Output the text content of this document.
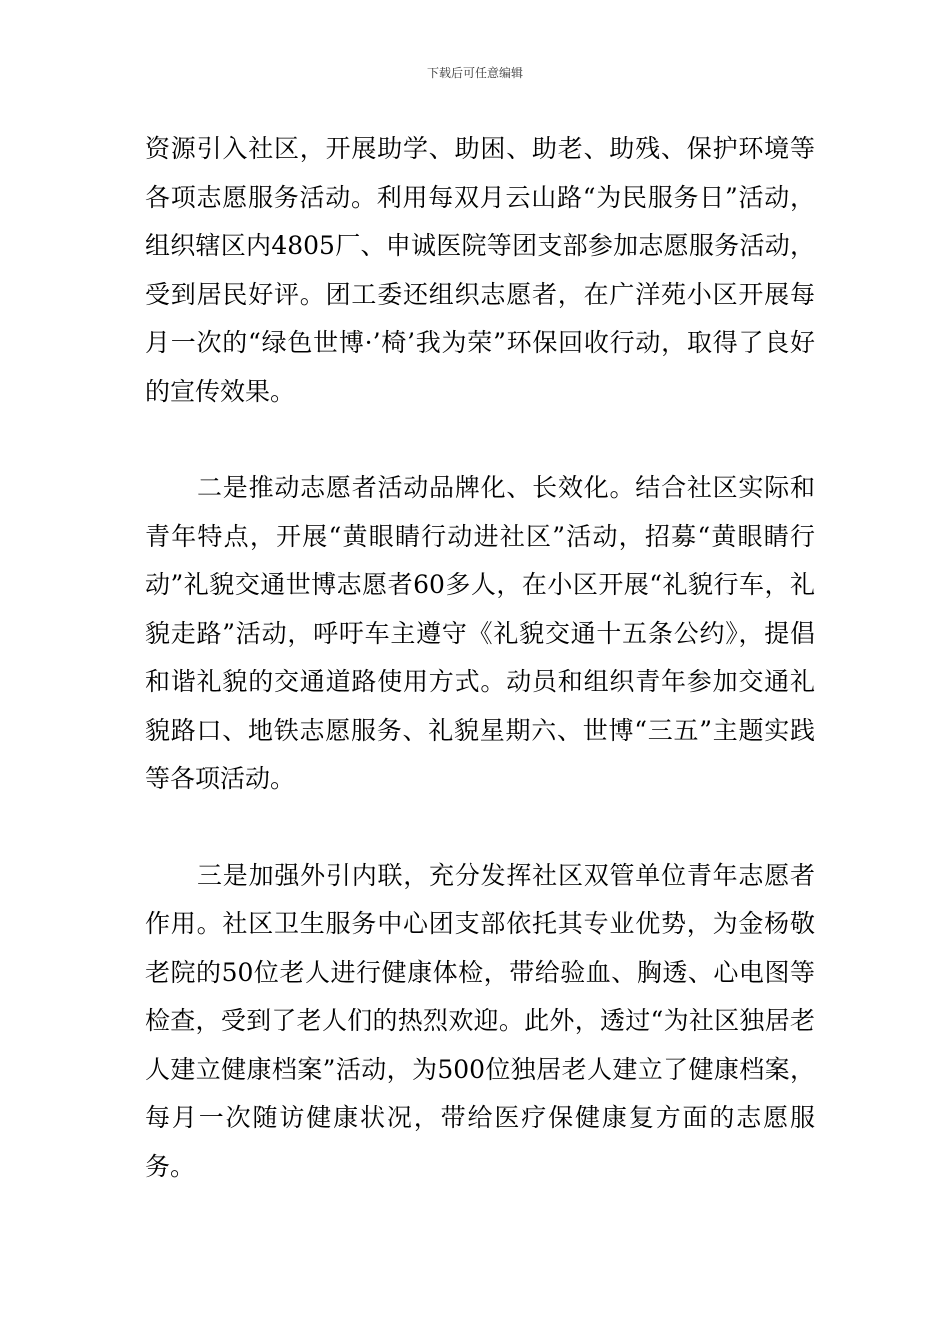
下载后可任意编辑

资源引入社区，开展助学、助困、助老、助残、保护环境等各项志愿服务活动。利用每双月云山路“为民服务日”活动，组织辖区内4805厂、申诚医院等团支部参加志愿服务活动，受到居民好评。团工委还组织志愿者，在广洋苑小区开展每月一次的“绿色世博·’椅’我为荣”环保回收行动，取得了良好的宣传效果。

二是推动志愿者活动品牌化、长效化。结合社区实际和青年特点，开展“黄眼睛行动进社区”活动，招募“黄眼睛行动”礼貌交通世博志愿者60多人，在小区开展“礼貌行车，礼貌走路”活动，呼吁车主遵守《礼貌交通十五条公约》，提倡和谐礼貌的交通道路使用方式。动员和组织青年参加交通礼貌路口、地铁志愿服务、礼貌星期六、世博“三五”主题实践等各项活动。

三是加强外引内联，充分发挥社区双管单位青年志愿者作用。社区卫生服务中心团支部依托其专业优势，为金杨敬老院的50位老人进行健康体检，带给验血、胸透、心电图等检查，受到了老人们的热烈欢迎。此外，透过“为社区独居老人建立健康档案”活动，为500位独居老人建立了健康档案，每月一次随访健康状况，带给医疗保健康复方面的志愿服务。
